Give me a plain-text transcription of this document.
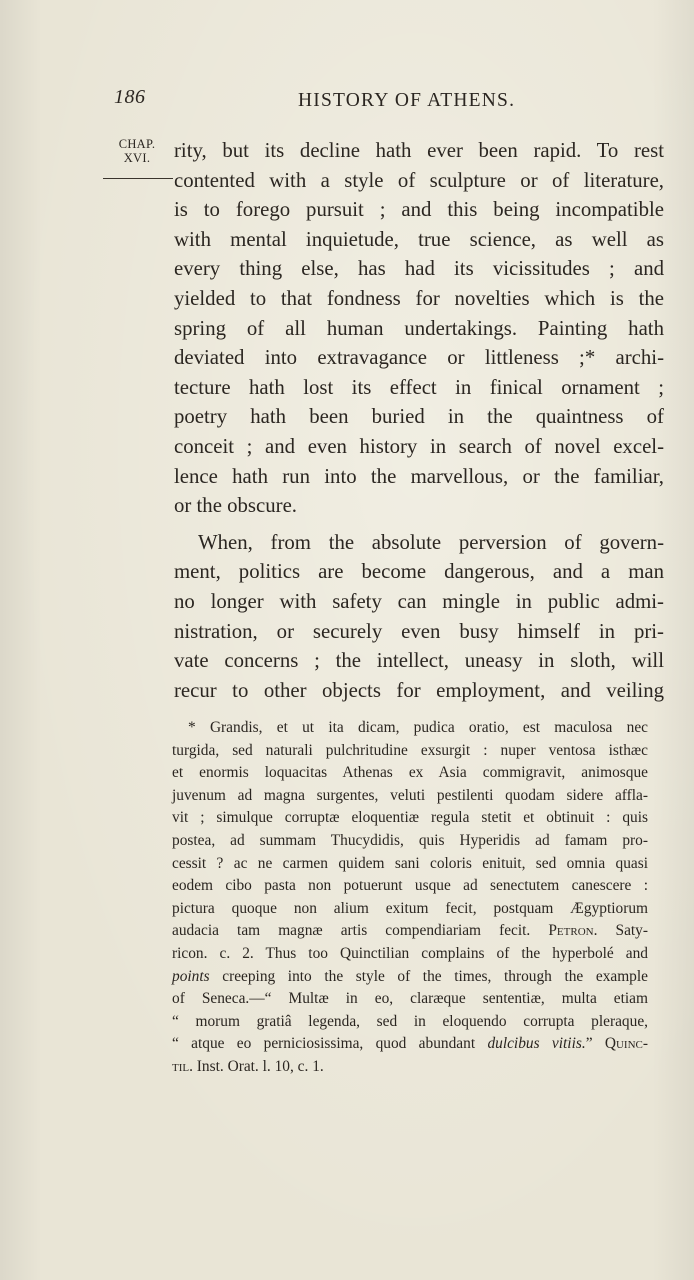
186	HISTORY OF ATHENS.
CHAP.
XVI.	rity, but its decline hath ever been rapid. To rest
contented with a style of sculpture or of literature,
is to forego pursuit ; and this being incompatible
with mental inquietude, true science, as well as
every thing else, has had its vicissitudes ; and
yielded to that fondness for novelties which is the
spring of all human undertakings. Painting hath
deviated into extravagance or littleness ;* archi-
tecture hath lost its effect in finical ornament ;
poetry hath been buried in the quaintness of
conceit ; and even history in search of novel excel-
lence hath run into the marvellous, or the familiar,
or the obscure.
When, from the absolute perversion of govern-
ment, politics are become dangerous, and a man
no longer with safety can mingle in public admi-
nistration, or securely even busy himself in pri-
vate concerns ; the intellect, uneasy in sloth, will
recur to other objects for employment, and veiling
* Grandis, et ut ita dicam, pudica oratio, est maculosa nec
turgida, sed naturali pulchritudine exsurgit : nuper ventosa isthæc
et enormis loquacitas Athenas ex Asia commigravit, animosque
juvenum ad magna surgentes, veluti pestilenti quodam sidere affla-
vit ; simulque corruptæ eloquentiæ regula stetit et obtinuit : quis
postea, ad summam Thucydidis, quis Hyperidis ad famam pro-
cessit ? ac ne carmen quidem sani coloris enituit, sed omnia quasi
eodem cibo pasta non potuerunt usque ad senectutem canescere :
pictura quoque non alium exitum fecit, postquam Ægyptiorum
audacia tam magnæ artis compendiariam fecit. Petron. Saty-
ricon. c. 2. Thus too Quinctilian complains of the hyperbolé and
points creeping into the style of the times, through the example
of Seneca.—“ Multæ in eo, claræque sententiæ, multa etiam
“ morum gratiâ legenda, sed in eloquendo corrupta pleraque,
“ atque eo perniciosissima, quod abundant dulcibus vitiis.” Quinc-
til. Inst. Orat. l. 10, c. 1.
